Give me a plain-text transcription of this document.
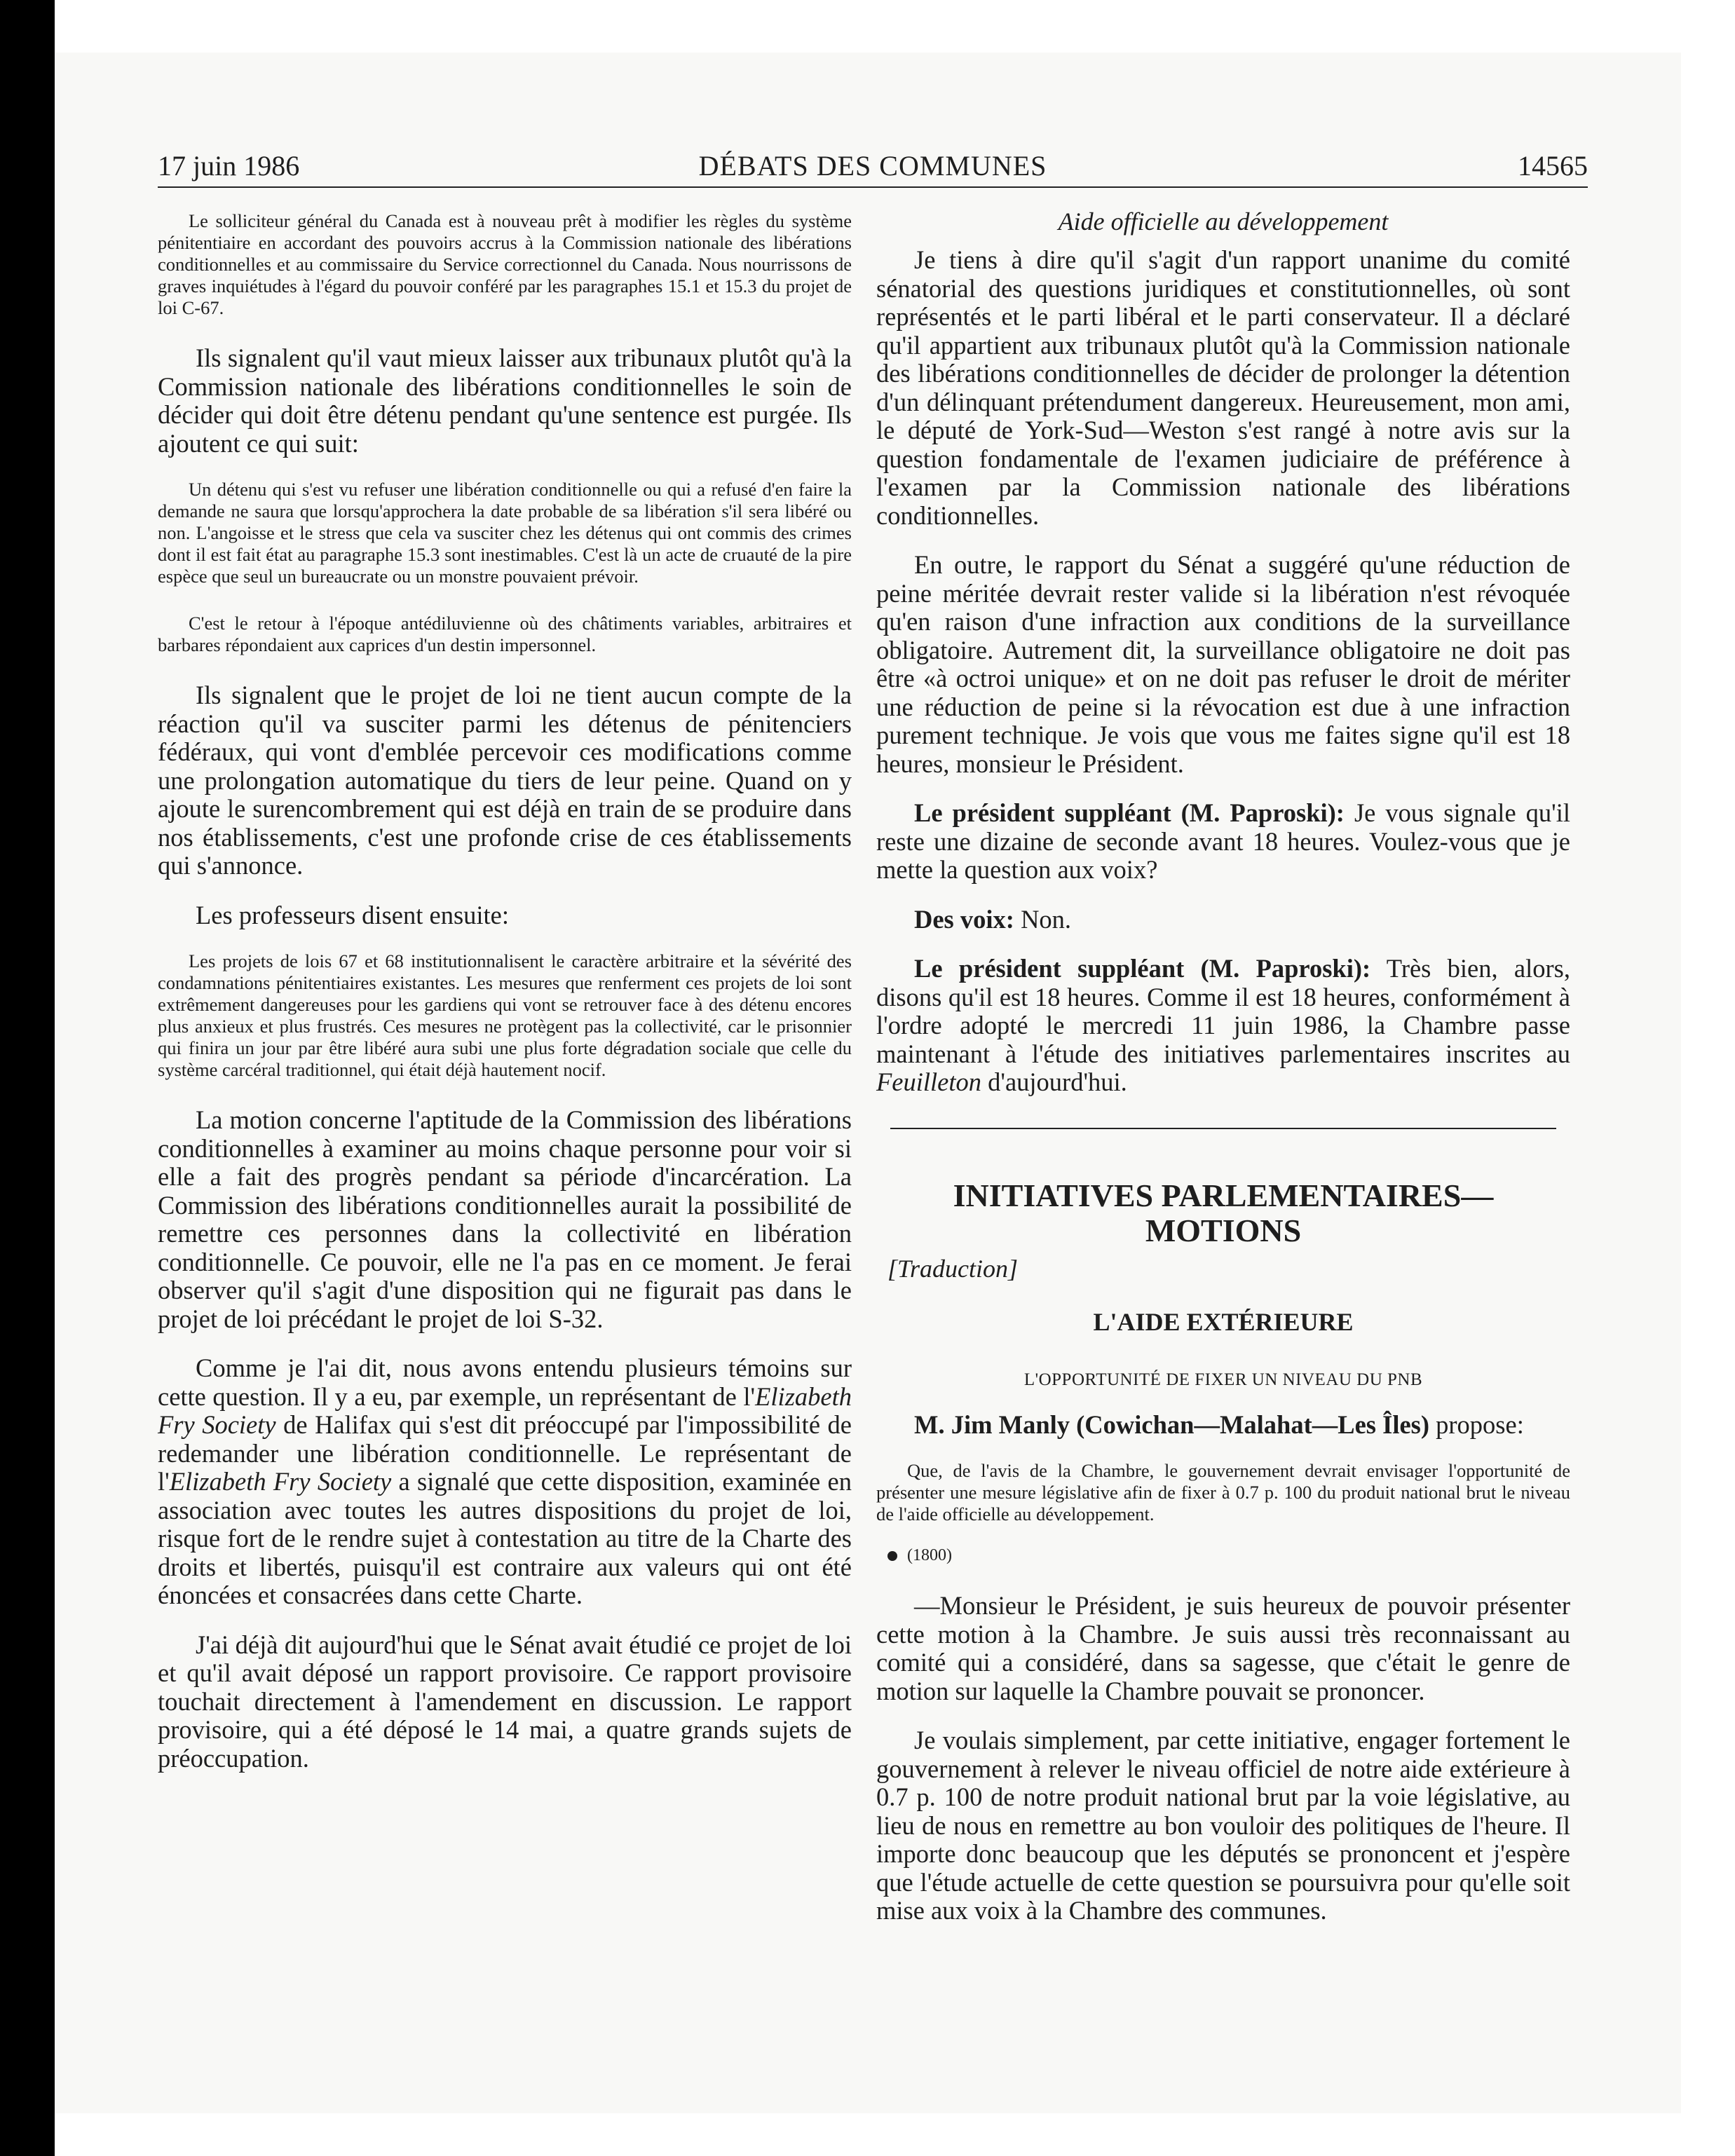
17 juin 1986	DÉBATS DES COMMUNES	14565

Le solliciteur général du Canada est à nouveau prêt à modifier les règles du système pénitentiaire en accordant des pouvoirs accrus à la Commission nationale des libérations conditionnelles et au commissaire du Service correctionnel du Canada. Nous nourrissons de graves inquiétudes à l'égard du pouvoir conféré par les paragraphes 15.1 et 15.3 du projet de loi C-67.

Ils signalent qu'il vaut mieux laisser aux tribunaux plutôt qu'à la Commission nationale des libérations conditionnelles le soin de décider qui doit être détenu pendant qu'une sentence est purgée. Ils ajoutent ce qui suit:

Un détenu qui s'est vu refuser une libération conditionnelle ou qui a refusé d'en faire la demande ne saura que lorsqu'approchera la date probable de sa libération s'il sera libéré ou non. L'angoisse et le stress que cela va susciter chez les détenus qui ont commis des crimes dont il est fait état au paragraphe 15.3 sont inestimables. C'est là un acte de cruauté de la pire espèce que seul un bureaucrate ou un monstre pouvaient prévoir.

C'est le retour à l'époque antédiluvienne où des châtiments variables, arbitraires et barbares répondaient aux caprices d'un destin impersonnel.

Ils signalent que le projet de loi ne tient aucun compte de la réaction qu'il va susciter parmi les détenus de pénitenciers fédéraux, qui vont d'emblée percevoir ces modifications comme une prolongation automatique du tiers de leur peine. Quand on y ajoute le surencombrement qui est déjà en train de se produire dans nos établissements, c'est une profonde crise de ces établissements qui s'annonce.

Les professeurs disent ensuite:

Les projets de lois 67 et 68 institutionnalisent le caractère arbitraire et la sévérité des condamnations pénitentiaires existantes. Les mesures que renferment ces projets de loi sont extrêmement dangereuses pour les gardiens qui vont se retrouver face à des détenu encores plus anxieux et plus frustrés. Ces mesures ne protègent pas la collectivité, car le prisonnier qui finira un jour par être libéré aura subi une plus forte dégradation sociale que celle du système carcéral traditionnel, qui était déjà hautement nocif.

La motion concerne l'aptitude de la Commission des libérations conditionnelles à examiner au moins chaque personne pour voir si elle a fait des progrès pendant sa période d'incarcération. La Commission des libérations conditionnelles aurait la possibilité de remettre ces personnes dans la collectivité en libération conditionnelle. Ce pouvoir, elle ne l'a pas en ce moment. Je ferai observer qu'il s'agit d'une disposition qui ne figurait pas dans le projet de loi précédant le projet de loi S-32.

Comme je l'ai dit, nous avons entendu plusieurs témoins sur cette question. Il y a eu, par exemple, un représentant de l'Elizabeth Fry Society de Halifax qui s'est dit préoccupé par l'impossibilité de redemander une libération conditionnelle. Le représentant de l'Elizabeth Fry Society a signalé que cette disposition, examinée en association avec toutes les autres dispositions du projet de loi, risque fort de le rendre sujet à contestation au titre de la Charte des droits et libertés, puisqu'il est contraire aux valeurs qui ont été énoncées et consacrées dans cette Charte.

J'ai déjà dit aujourd'hui que le Sénat avait étudié ce projet de loi et qu'il avait déposé un rapport provisoire. Ce rapport provisoire touchait directement à l'amendement en discussion. Le rapport provisoire, qui a été déposé le 14 mai, a quatre grands sujets de préoccupation.

Aide officielle au développement

Je tiens à dire qu'il s'agit d'un rapport unanime du comité sénatorial des questions juridiques et constitutionnelles, où sont représentés et le parti libéral et le parti conservateur. Il a déclaré qu'il appartient aux tribunaux plutôt qu'à la Commission nationale des libérations conditionnelles de décider de prolonger la détention d'un délinquant prétendument dangereux. Heureusement, mon ami, le député de York-Sud—Weston s'est rangé à notre avis sur la question fondamentale de l'examen judiciaire de préférence à l'examen par la Commission nationale des libérations conditionnelles.

En outre, le rapport du Sénat a suggéré qu'une réduction de peine méritée devrait rester valide si la libération n'est révoquée qu'en raison d'une infraction aux conditions de la surveillance obligatoire. Autrement dit, la surveillance obligatoire ne doit pas être «à octroi unique» et on ne doit pas refuser le droit de mériter une réduction de peine si la révocation est due à une infraction purement technique. Je vois que vous me faites signe qu'il est 18 heures, monsieur le Président.

Le président suppléant (M. Paproski): Je vous signale qu'il reste une dizaine de seconde avant 18 heures. Voulez-vous que je mette la question aux voix?

Des voix: Non.

Le président suppléant (M. Paproski): Très bien, alors, disons qu'il est 18 heures. Comme il est 18 heures, conformément à l'ordre adopté le mercredi 11 juin 1986, la Chambre passe maintenant à l'étude des initiatives parlementaires inscrites au Feuilleton d'aujourd'hui.

INITIATIVES PARLEMENTAIRES—
MOTIONS
[Traduction]
L'AIDE EXTÉRIEURE
L'OPPORTUNITÉ DE FIXER UN NIVEAU DU PNB

M. Jim Manly (Cowichan—Malahat—Les Îles) propose:

Que, de l'avis de la Chambre, le gouvernement devrait envisager l'opportunité de présenter une mesure législative afin de fixer à 0.7 p. 100 du produit national brut le niveau de l'aide officielle au développement.

(1800)

—Monsieur le Président, je suis heureux de pouvoir présenter cette motion à la Chambre. Je suis aussi très reconnaissant au comité qui a considéré, dans sa sagesse, que c'était le genre de motion sur laquelle la Chambre pouvait se prononcer.

Je voulais simplement, par cette initiative, engager fortement le gouvernement à relever le niveau officiel de notre aide extérieure à 0.7 p. 100 de notre produit national brut par la voie législative, au lieu de nous en remettre au bon vouloir des politiques de l'heure. Il importe donc beaucoup que les députés se prononcent et j'espère que l'étude actuelle de cette question se poursuivra pour qu'elle soit mise aux voix à la Chambre des communes.
